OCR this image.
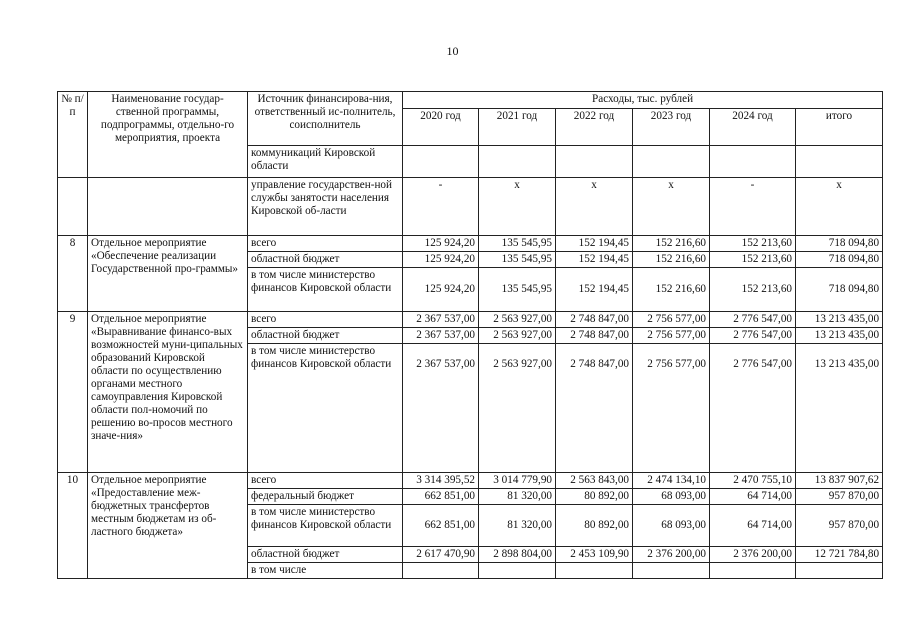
10
№ п/п	Наименование государ-ственной программы, подпрограммы, отдельно-го мероприятия, проекта	Источник финансирова-ния, ответственный ис-полнитель, соисполнитель	Расходы, тыс. рублей					
			2020 год	2021 год	2022 год	2023 год	2024 год	итого
		коммуникаций Кировской области						
		управление государствен-ной службы занятости населения Кировской об-ласти	-	x	x	x	-	x
8	Отдельное мероприятие «Обеспечение реализации Государственной про-граммы»	всего	125 924,20	135 545,95	152 194,45	152 216,60	152 213,60	718 094,80
		областной бюджет	125 924,20	135 545,95	152 194,45	152 216,60	152 213,60	718 094,80
		в том числе министерство финансов Кировской области	125 924,20	135 545,95	152 194,45	152 216,60	152 213,60	718 094,80
9	Отдельное мероприятие «Выравнивание финансо-вых возможностей муни-ципальных образований Кировской области по осуществлению органами местного самоуправления Кировской области пол-номочий по решению во-просов местного значе-ния»	всего	2 367 537,00	2 563 927,00	2 748 847,00	2 756 577,00	2 776 547,00	13 213 435,00
		областной бюджет	2 367 537,00	2 563 927,00	2 748 847,00	2 756 577,00	2 776 547,00	13 213 435,00
		в том числе министерство финансов Кировской области	2 367 537,00	2 563 927,00	2 748 847,00	2 756 577,00	2 776 547,00	13 213 435,00
10	Отдельное мероприятие «Предоставление меж-бюджетных трансфертов местным бюджетам из об-ластного бюджета»	всего	3 314 395,52	3 014 779,90	2 563 843,00	2 474 134,10	2 470 755,10	13 837 907,62
		федеральный бюджет	662 851,00	81 320,00	80 892,00	68 093,00	64 714,00	957 870,00
		в том числе министерство финансов Кировской области	662 851,00	81 320,00	80 892,00	68 093,00	64 714,00	957 870,00
		областной бюджет	2 617 470,90	2 898 804,00	2 453 109,90	2 376 200,00	2 376 200,00	12 721 784,80
		в том числе						
